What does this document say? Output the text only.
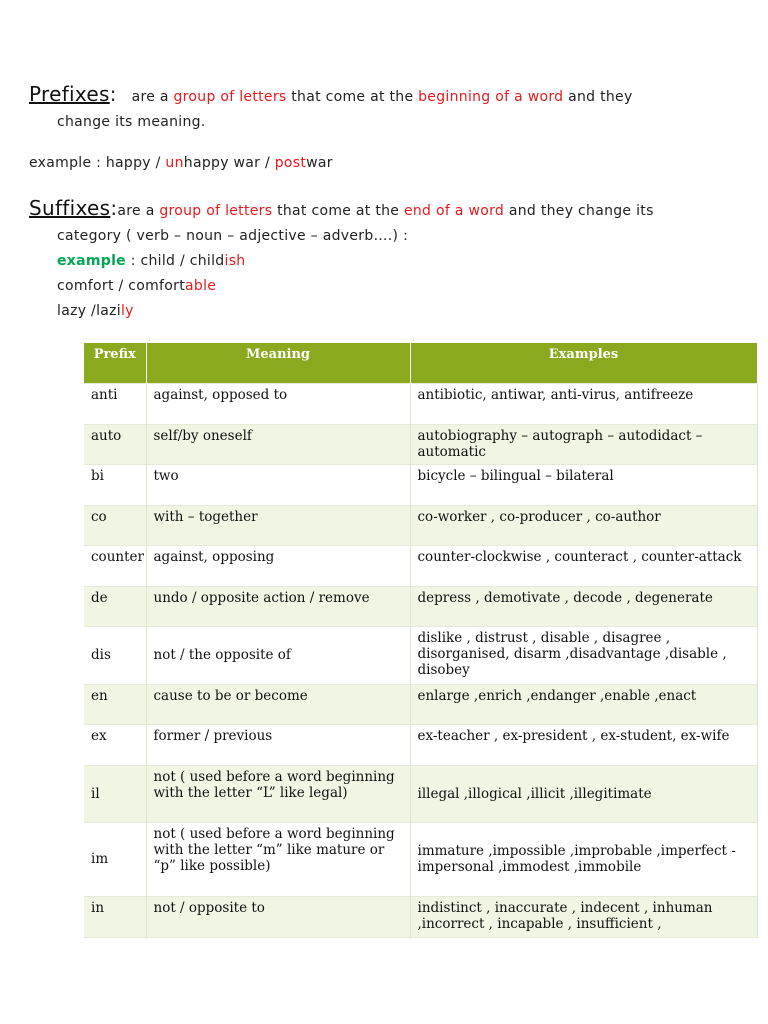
Prefixes: are a group of letters that come at the beginning of a word and they
change its meaning.
example : happy / unhappy war / postwar
Suffixes:are a group of letters that come at the end of a word and they change its
category ( verb – noun – adjective – adverb….) :
example : child / childish
comfort / comfortable
lazy /lazily
Prefix	Meaning	Examples
anti	against, opposed to	antibiotic, antiwar, anti-virus, antifreeze
auto	self/by oneself	autobiography – autograph – autodidact – automatic
bi	two	bicycle – bilingual – bilateral
co	with – together	co-worker , co-producer , co-author
counter	against, opposing	counter-clockwise , counteract , counter-attack
de	undo / opposite action / remove	depress , demotivate , decode , degenerate
dis	not / the opposite of	dislike , distrust , disable , disagree , disorganised, disarm ,disadvantage ,disable , disobey
en	cause to be or become	enlarge ,enrich ,endanger ,enable ,enact
ex	former / previous	ex-teacher , ex-president , ex-student, ex-wife
il	not ( used before a word beginning with the letter “L” like legal)	illegal ,illogical ,illicit ,illegitimate
im	not ( used before a word beginning with the letter “m” like mature or “p” like possible)	immature ,impossible ,improbable ,imperfect -impersonal ,immodest ,immobile
in	not / opposite to	indistinct , inaccurate , indecent , inhuman ,incorrect , incapable , insufficient ,
